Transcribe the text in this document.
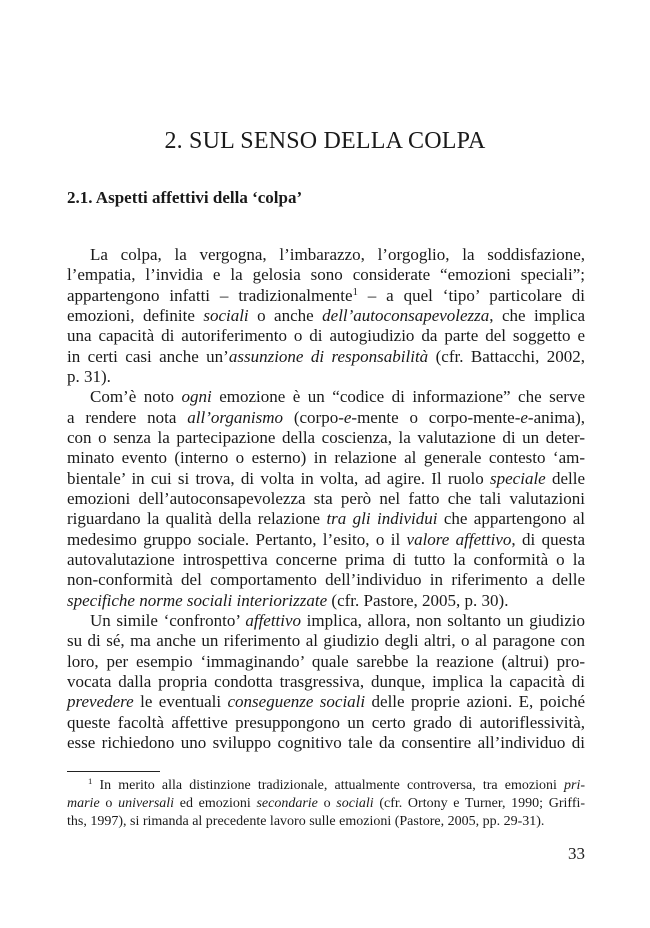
2. SUL SENSO DELLA COLPA
2.1. Aspetti affettivi della ‘colpa’
La colpa, la vergogna, l’imbarazzo, l’orgoglio, la soddisfazione,
l’empatia, l’invidia e la gelosia sono considerate “emozioni speciali”;
appartengono infatti – tradizionalmente$^1$ – a quel ‘tipo’ particolare di
emozioni, definite sociali o anche dell’autoconsapevolezza, che implica
una capacità di autoriferimento o di autogiudizio da parte del soggetto e
in certi casi anche un’assunzione di responsabilità (cfr. Battacchi, 2002,
p. 31).
Com’è noto ogni emozione è un “codice di informazione” che serve
a rendere nota all’organismo (corpo-e-mente o corpo-mente-e-anima),
con o senza la partecipazione della coscienza, la valutazione di un deter-
minato evento (interno o esterno) in relazione al generale contesto ‘am-
bientale’ in cui si trova, di volta in volta, ad agire. Il ruolo speciale delle
emozioni dell’autoconsapevolezza sta però nel fatto che tali valutazioni
riguardano la qualità della relazione tra gli individui che appartengono al
medesimo gruppo sociale. Pertanto, l’esito, o il valore affettivo, di questa
autovalutazione introspettiva concerne prima di tutto la conformità o la
non-conformità del comportamento dell’individuo in riferimento a delle
specifiche norme sociali interiorizzate (cfr. Pastore, 2005, p. 30).
Un simile ‘confronto’ affettivo implica, allora, non soltanto un giudizio
su di sé, ma anche un riferimento al giudizio degli altri, o al paragone con
loro, per esempio ‘immaginando’ quale sarebbe la reazione (altrui) pro-
vocata dalla propria condotta trasgressiva, dunque, implica la capacità di
prevedere le eventuali conseguenze sociali delle proprie azioni. E, poiché
queste facoltà affettive presuppongono un certo grado di autoriflessività,
esse richiedono uno sviluppo cognitivo tale da consentire all’individuo di
$^1$ In merito alla distinzione tradizionale, attualmente controversa, tra emozioni pri-
marie o universali ed emozioni secondarie o sociali (cfr. Ortony e Turner, 1990; Griffi-
ths, 1997), si rimanda al precedente lavoro sulle emozioni (Pastore, 2005, pp. 29-31).
33
